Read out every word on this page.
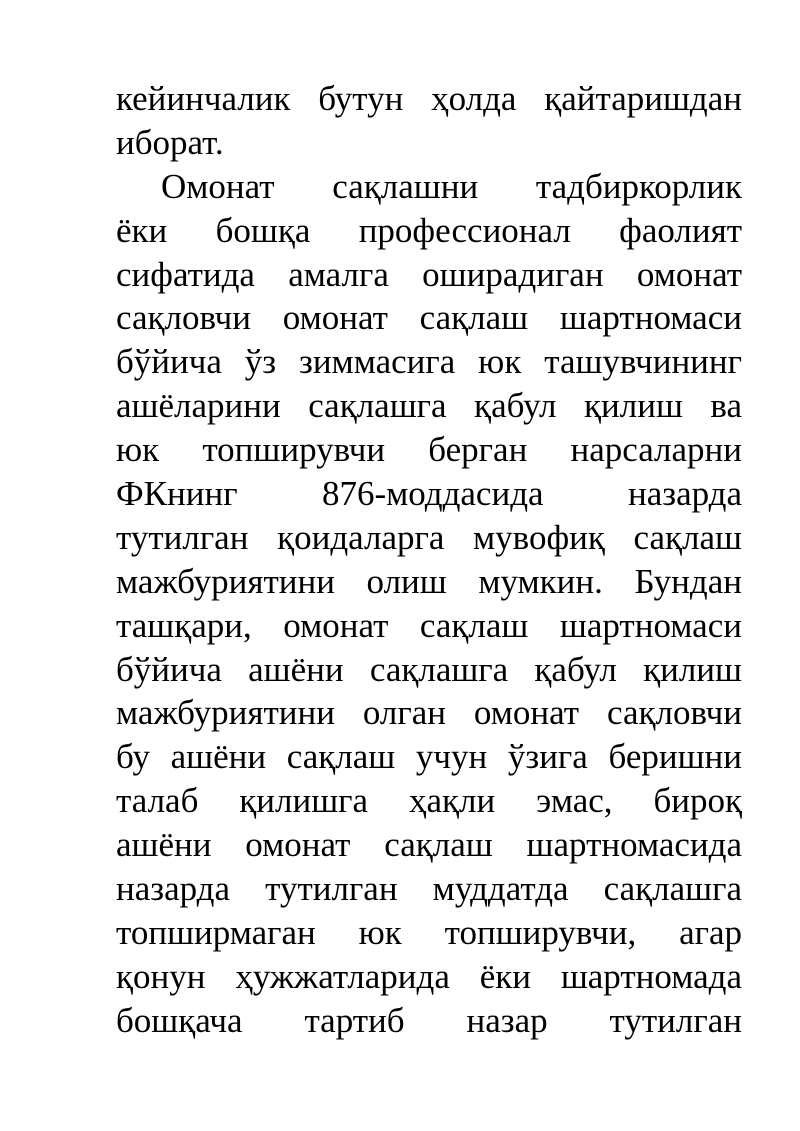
кейинчалик бутун ҳолда қайтаришдан
иборат.
Омонат сақлашни тадбиркорлик
ёки бошқа профессионал фаолият
сифатида амалга оширадиган омонат
сақловчи омонат сақлаш шартномаси
бўйича ўз зиммасига юк ташувчининг
ашёларини сақлашга қабул қилиш ва
юк топширувчи берган нарсаларни
ФКнинг 876-моддасида назарда
тутилган қоидаларга мувофиқ сақлаш
мажбуриятини олиш мумкин. Бундан
ташқари, омонат сақлаш шартномаси
бўйича ашёни сақлашга қабул қилиш
мажбуриятини олган омонат сақловчи
бу ашёни сақлаш учун ўзига беришни
талаб қилишга ҳақли эмас, бироқ
ашёни омонат сақлаш шартномасида
назарда тутилган муддатда сақлашга
топширмаган юк топширувчи, агар
қонун ҳужжатларида ёки шартномада
бошқача тартиб назар тутилган
